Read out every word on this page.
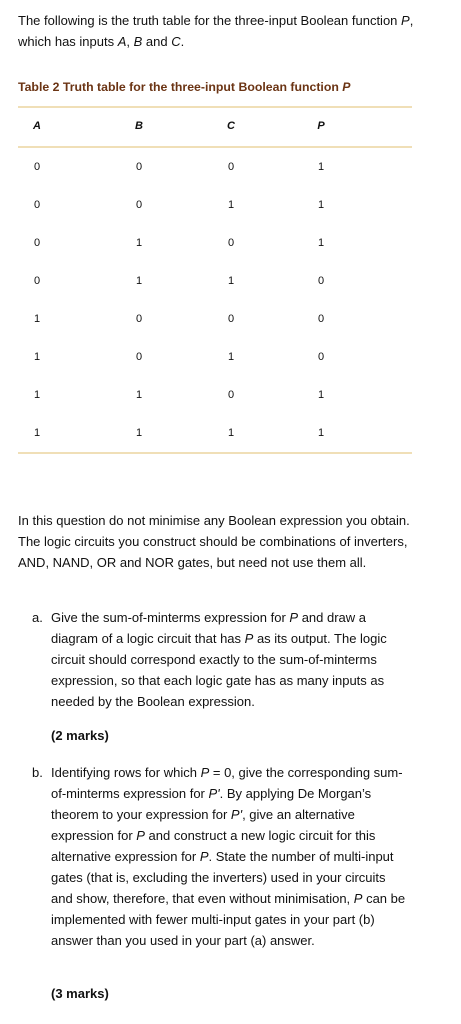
The following is the truth table for the three-input Boolean function P, which has inputs A, B and C.
Table 2 Truth table for the three-input Boolean function P
A	B	C	P
0	0	0	1
0	0	1	1
0	1	0	1
0	1	1	0
1	0	0	0
1	0	1	0
1	1	0	1
1	1	1	1
In this question do not minimise any Boolean expression you obtain. The logic circuits you construct should be combinations of inverters, AND, NAND, OR and NOR gates, but need not use them all.
a. Give the sum-of-minterms expression for P and draw a diagram of a logic circuit that has P as its output. The logic circuit should correspond exactly to the sum-of-minterms expression, so that each logic gate has as many inputs as needed by the Boolean expression.
(2 marks)
b. Identifying rows for which P = 0, give the corresponding sum-of-minterms expression for P'. By applying De Morgan’s theorem to your expression for P', give an alternative expression for P and construct a new logic circuit for this alternative expression for P. State the number of multi-input gates (that is, excluding the inverters) used in your circuits and show, therefore, that even without minimisation, P can be implemented with fewer multi-input gates in your part (b) answer than you used in your part (a) answer.
(3 marks)
